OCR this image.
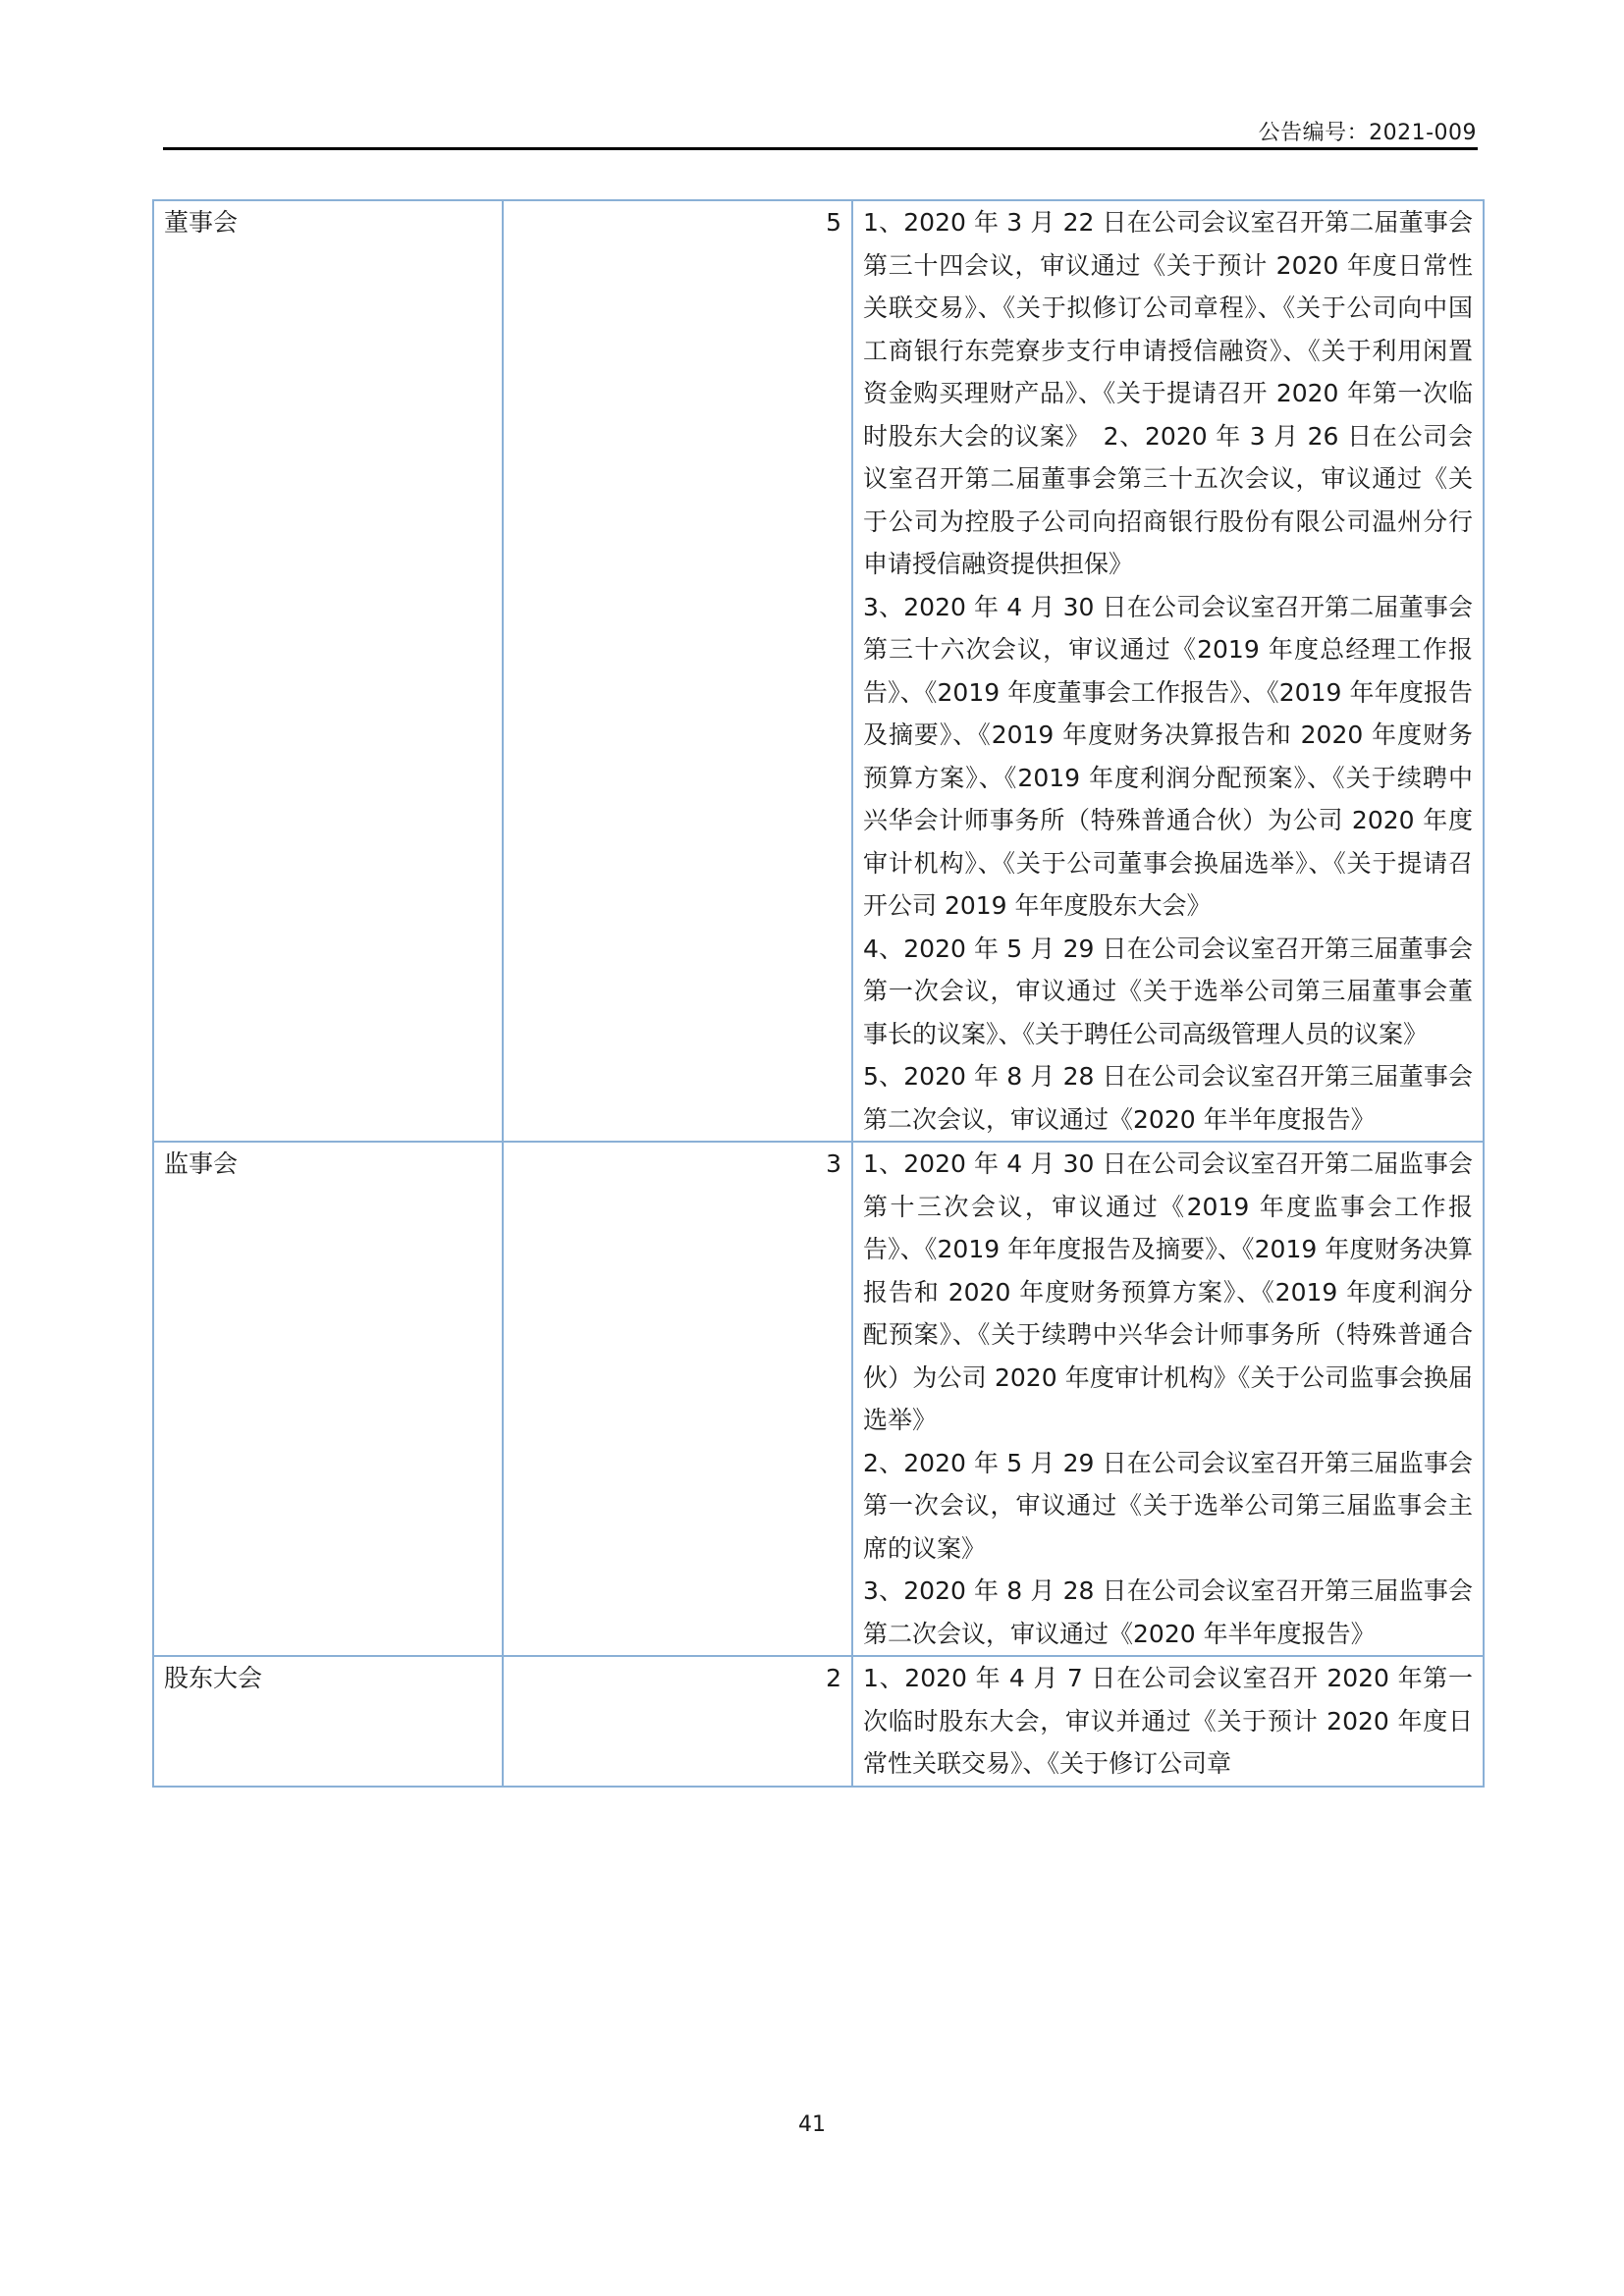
公告编号：2021-009
董事会	5	1、2020 年 3 月 22 日在公司会议室召开第二届董事会第三十四会议，审议通过《关于预计 2020 年度日常性关联交易》、《关于拟修订公司章程》、《关于公司向中国工商银行东莞寮步支行申请授信融资》、《关于利用闲置资金购买理财产品》、《关于提请召开 2020 年第一次临时股东大会的议案》　2、2020 年 3 月 26 日在公司会议室召开第二届董事会第三十五次会议，审议通过《关于公司为控股子公司向招商银行股份有限公司温州分行申请授信融资提供担保》
3、2020 年 4 月 30 日在公司会议室召开第二届董事会第三十六次会议，审议通过《2019 年度总经理工作报告》、《2019 年度董事会工作报告》、《2019 年年度报告及摘要》、《2019 年度财务决算报告和 2020 年度财务预算方案》、《2019 年度利润分配预案》、《关于续聘中兴华会计师事务所（特殊普通合伙）为公司 2020 年度审计机构》、《关于公司董事会换届选举》、《关于提请召开公司 2019 年年度股东大会》
4、2020 年 5 月 29 日在公司会议室召开第三届董事会第一次会议，审议通过《关于选举公司第三届董事会董事长的议案》、《关于聘任公司高级管理人员的议案》
5、2020 年 8 月 28 日在公司会议室召开第三届董事会第二次会议，审议通过《2020 年半年度报告》

监事会	3	1、2020 年 4 月 30 日在公司会议室召开第二届监事会第十三次会议，审议通过《2019 年度监事会工作报告》、《2019 年年度报告及摘要》、《2019 年度财务决算报告和 2020 年度财务预算方案》、《2019 年度利润分配预案》、《关于续聘中兴华会计师事务所（特殊普通合伙）为公司 2020 年度审计机构》《关于公司监事会换届选举》
2、2020 年 5 月 29 日在公司会议室召开第三届监事会第一次会议，审议通过《关于选举公司第三届监事会主席的议案》
3、2020 年 8 月 28 日在公司会议室召开第三届监事会第二次会议，审议通过《2020 年半年度报告》

股东大会	2	1、2020 年 4 月 7 日在公司会议室召开 2020 年第一次临时股东大会，审议并通过《关于预计 2020 年度日常性关联交易》、《关于修订公司章
41
